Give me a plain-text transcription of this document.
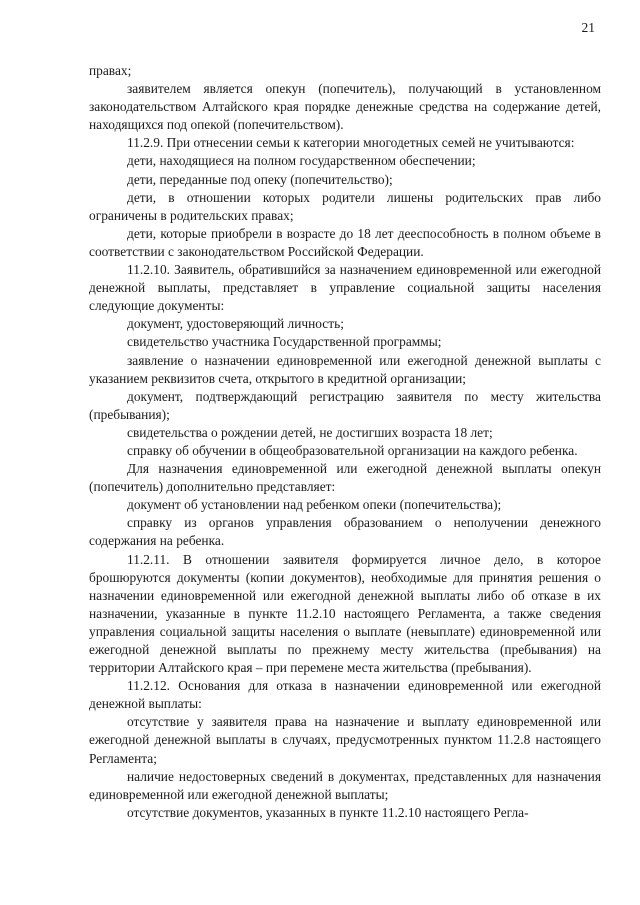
21

правах;

заявителем является опекун (попечитель), получающий в установленном законодательством Алтайского края порядке денежные средства на содержание детей, находящихся под опекой (попечительством).

11.2.9. При отнесении семьи к категории многодетных семей не учитываются:

дети, находящиеся на полном государственном обеспечении;

дети, переданные под опеку (попечительство);

дети, в отношении которых родители лишены родительских прав либо ограничены в родительских правах;

дети, которые приобрели в возрасте до 18 лет дееспособность в полном объеме в соответствии с законодательством Российской Федерации.

11.2.10. Заявитель, обратившийся за назначением единовременной или ежегодной денежной выплаты, представляет в управление социальной защиты населения следующие документы:

документ, удостоверяющий личность;

свидетельство участника Государственной программы;

заявление о назначении единовременной или ежегодной денежной выплаты с указанием реквизитов счета, открытого в кредитной организации;

документ, подтверждающий регистрацию заявителя по месту жительства (пребывания);

свидетельства о рождении детей, не достигших возраста 18 лет;

справку об обучении в общеобразовательной организации на каждого ребенка.

Для назначения единовременной или ежегодной денежной выплаты опекун (попечитель) дополнительно представляет:

документ об установлении над ребенком опеки (попечительства);

справку из органов управления образованием о неполучении денежного содержания на ребенка.

11.2.11. В отношении заявителя формируется личное дело, в которое брошюруются документы (копии документов), необходимые для принятия решения о назначении единовременной или ежегодной денежной выплаты либо об отказе в их назначении, указанные в пункте 11.2.10 настоящего Регламента, а также сведения управления социальной защиты населения о выплате (невыплате) единовременной или ежегодной денежной выплаты по прежнему месту жительства (пребывания) на территории Алтайского края – при перемене места жительства (пребывания).

11.2.12. Основания для отказа в назначении единовременной или ежегодной денежной выплаты:

отсутствие у заявителя права на назначение и выплату единовременной или ежегодной денежной выплаты в случаях, предусмотренных пунктом 11.2.8 настоящего Регламента;

наличие недостоверных сведений в документах, представленных для назначения единовременной или ежегодной денежной выплаты;

отсутствие документов, указанных в пункте 11.2.10 настоящего Регла-
